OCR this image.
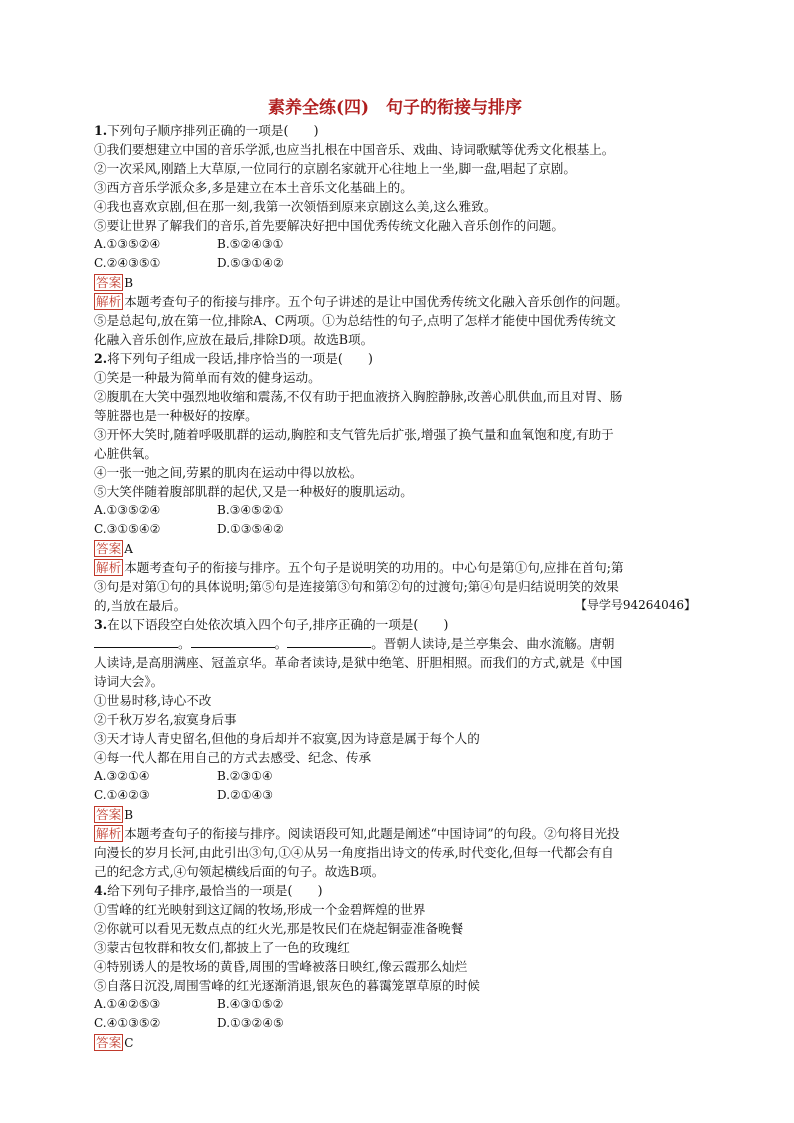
素养全练(四)　句子的衔接与排序
1.下列句子顺序排列正确的一项是(　　)
①我们要想建立中国的音乐学派,也应当扎根在中国音乐、戏曲、诗词歌赋等优秀文化根基上。
②一次采风,刚踏上大草原,一位同行的京剧名家就开心往地上一坐,脚一盘,唱起了京剧。
③西方音乐学派众多,多是建立在本土音乐文化基础上的。
④我也喜欢京剧,但在那一刻,我第一次领悟到原来京剧这么美,这么雅致。
⑤要让世界了解我们的音乐,首先要解决好把中国优秀传统文化融入音乐创作的问题。
A.①③⑤②④	B.⑤②④③①
C.②④③⑤①	D.⑤③①④②
答案 B
解析 本题考查句子的衔接与排序。五个句子讲述的是让中国优秀传统文化融入音乐创作的问题。
⑤是总起句,放在第一位,排除A、C两项。①为总结性的句子,点明了怎样才能使中国优秀传统文
化融入音乐创作,应放在最后,排除D项。故选B项。
2.将下列句子组成一段话,排序恰当的一项是(　　)
①笑是一种最为简单而有效的健身运动。
②腹肌在大笑中强烈地收缩和震荡,不仅有助于把血液挤入胸腔静脉,改善心肌供血,而且对胃、肠
等脏器也是一种极好的按摩。
③开怀大笑时,随着呼吸肌群的运动,胸腔和支气管先后扩张,增强了换气量和血氧饱和度,有助于
心脏供氧。
④一张一弛之间,劳累的肌肉在运动中得以放松。
⑤大笑伴随着腹部肌群的起伏,又是一种极好的腹肌运动。
A.①③⑤②④	B.③④⑤②①
C.③①⑤④②	D.①③⑤④②
答案 A
解析 本题考查句子的衔接与排序。五个句子是说明笑的功用的。中心句是第①句,应排在首句;第
③句是对第①句的具体说明;第⑤句是连接第③句和第②句的过渡句;第④句是归结说明笑的效果
的,当放在最后。	【导学号94264046】
3.在以下语段空白处依次填入四个句子,排序正确的一项是(　　)
。	。	。晋朝人读诗,是兰亭集会、曲水流觞。唐朝
人读诗,是高朋满座、冠盖京华。革命者读诗,是狱中绝笔、肝胆相照。而我们的方式,就是《中国
诗词大会》。
①世易时移,诗心不改
②千秋万岁名,寂寞身后事
③天才诗人青史留名,但他的身后却并不寂寞,因为诗意是属于每个人的
④每一代人都在用自己的方式去感受、纪念、传承
A.③②①④	B.②③①④
C.①④②③	D.②①④③
答案 B
解析 本题考查句子的衔接与排序。阅读语段可知,此题是阐述“中国诗词”的句段。②句将目光投
向漫长的岁月长河,由此引出③句,①④从另一角度指出诗文的传承,时代变化,但每一代都会有自
己的纪念方式,④句领起横线后面的句子。故选B项。
4.给下列句子排序,最恰当的一项是(　　)
①雪峰的红光映射到这辽阔的牧场,形成一个金碧辉煌的世界
②你就可以看见无数点点的红火光,那是牧民们在烧起铜壶准备晚餐
③蒙古包牧群和牧女们,都披上了一色的玫瑰红
④特别诱人的是牧场的黄昏,周围的雪峰被落日映红,像云霞那么灿烂
⑤自落日沉没,周围雪峰的红光逐渐消退,银灰色的暮霭笼罩草原的时候
A.①④②⑤③	B.④③①⑤②
C.④①③⑤②	D.①③②④⑤
答案 C
